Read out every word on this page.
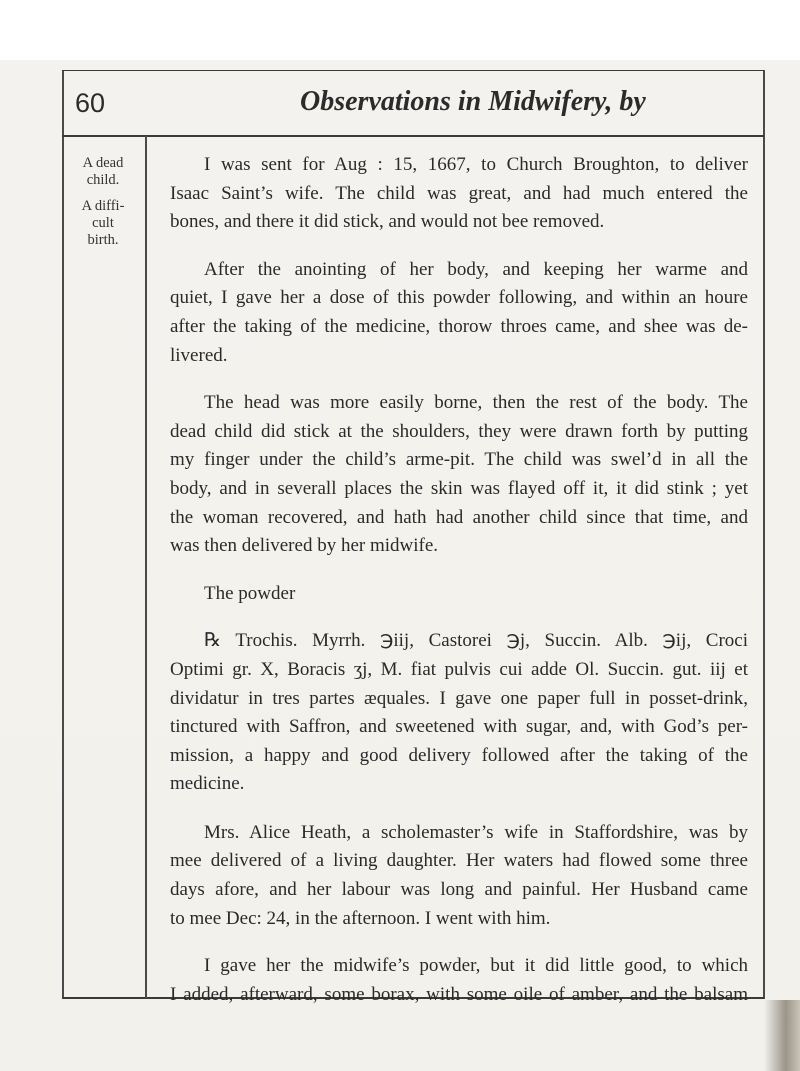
60	Observations in Midwifery, by
A dead
child.
A diffi-
cult
birth.

I was sent for Aug : 15, 1667, to Church Broughton, to deliver
Isaac Saint’s wife. The child was great, and had much entered the
bones, and there it did stick, and would not bee removed.

After the anointing of her body, and keeping her warme and
quiet, I gave her a dose of this powder following, and within an houre
after the taking of the medicine, thorow throes came, and shee was de-
livered.

The head was more easily borne, then the rest of the body. The
dead child did stick at the shoulders, they were drawn forth by putting
my finger under the child’s arme-pit. The child was swel’d in all the
body, and in severall places the skin was flayed off it, it did stink ; yet
the woman recovered, and hath had another child since that time, and
was then delivered by her midwife.

The powder

℞ Trochis. Myrrh. ℈iij, Castorei ℈j, Succin. Alb. ℈ij, Croci
Optimi gr. X, Boracis ʒj, M. fiat pulvis cui adde Ol. Succin. gut. iij et
dividatur in tres partes æquales. I gave one paper full in posset-drink,
tinctured with Saffron, and sweetened with sugar, and, with God’s per-
mission, a happy and good delivery followed after the taking of the
medicine.

Mrs. Alice Heath, a scholemaster’s wife in Staffordshire, was by
mee delivered of a living daughter. Her waters had flowed some three
days afore, and her labour was long and painful. Her Husband came
to mee Dec: 24, in the afternoon. I went with him.

I gave her the midwife’s powder, but it did little good, to which
I added, afterward, some borax, with some oile of amber, and the balsam
